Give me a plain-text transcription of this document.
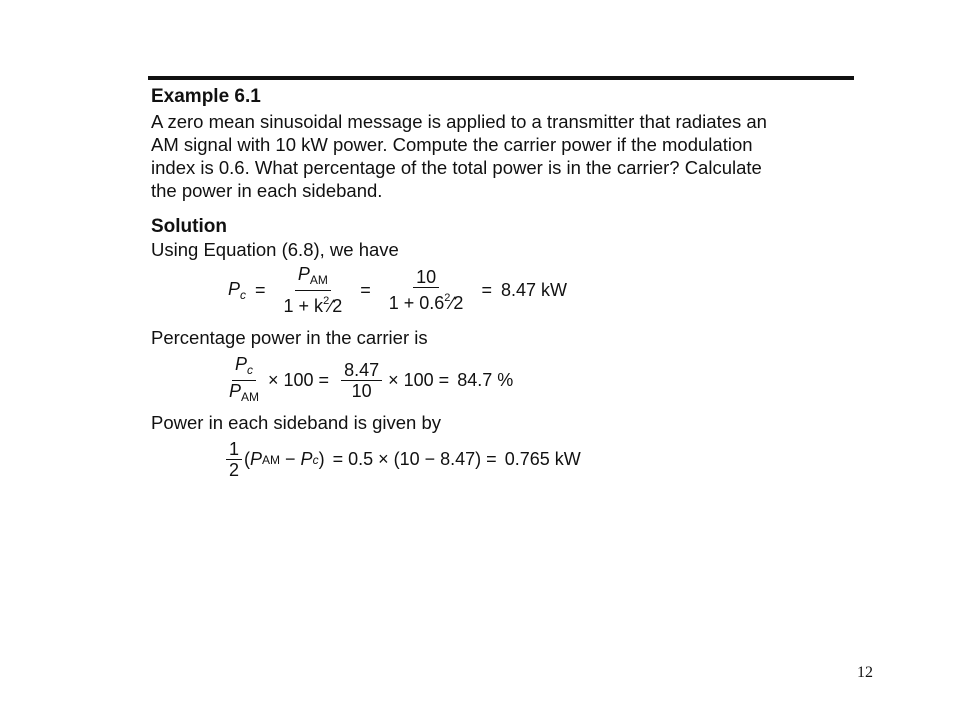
Example 6.1
A zero mean sinusoidal message is applied to a transmitter that radiates an
AM signal with 10 kW power. Compute the carrier power if the modulation
index is 0.6. What percentage of the total power is in the carrier? Calculate
the power in each sideband.
Solution
Using Equation (6.8), we have
$P_c = \frac{P_{AM}}{1 + k^2∕2} = \frac{10}{1 + 0.6^2∕2} = 8.47$ kW
Percentage power in the carrier is
$\frac{P_c}{P_{AM}} \times 100 = \frac{8.47}{10} \times 100 = 84.7$ %
Power in each sideband is given by
$\frac{1}{2}$ ( P AM − P c ) = 0.5 × (10 − 8.47) = 0.765 kW
12
